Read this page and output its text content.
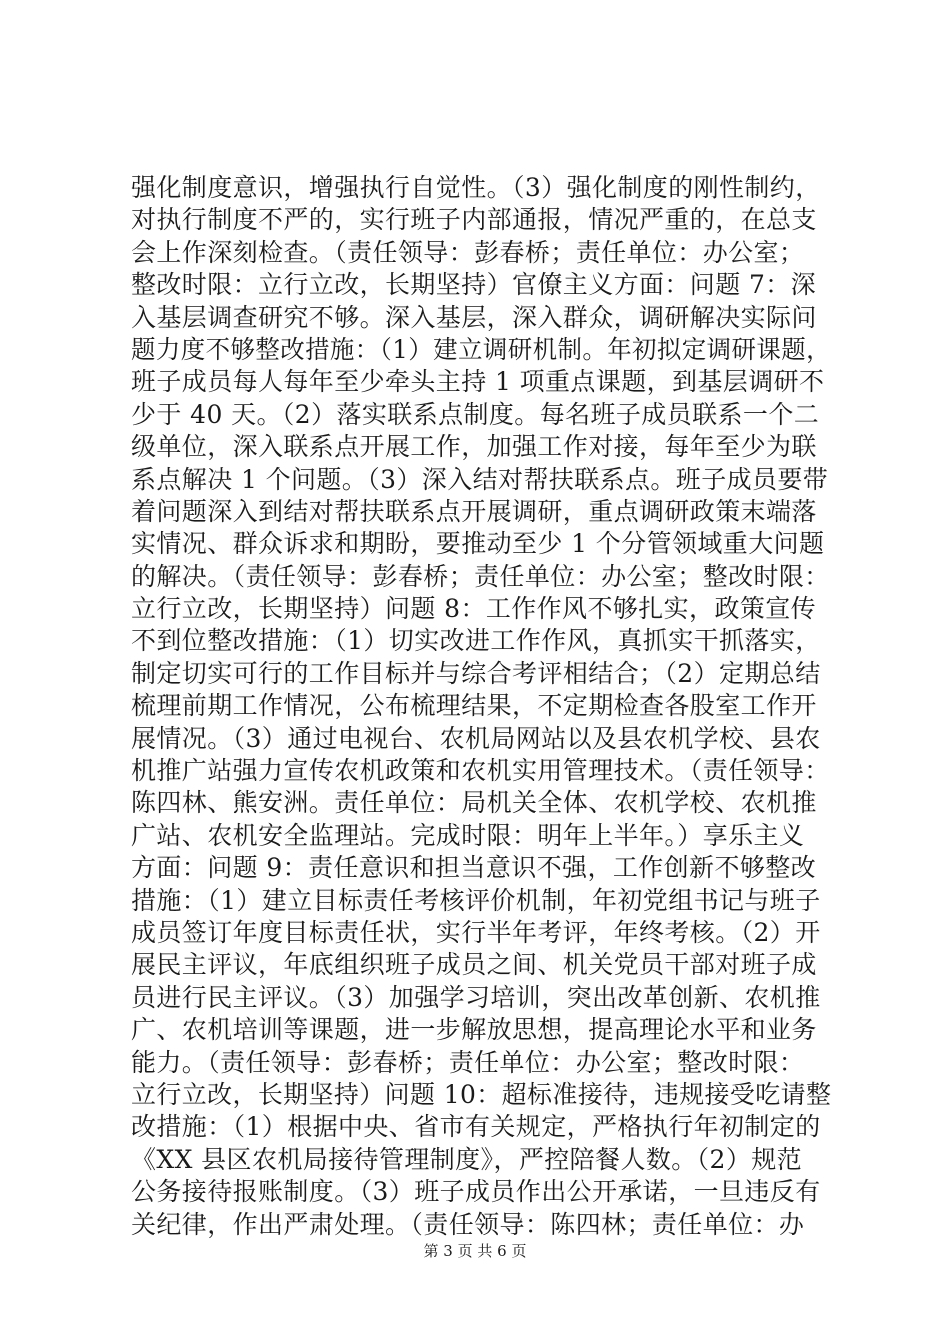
强化制度意识，增强执行自觉性。（3）强化制度的刚性制约，
对执行制度不严的，实行班子内部通报，情况严重的，在总支
会上作深刻检查。（责任领导：彭春桥；责任单位：办公室；
整改时限：立行立改，长期坚持）官僚主义方面：问题 7：深
入基层调查研究不够。深入基层，深入群众，调研解决实际问
题力度不够整改措施：（1）建立调研机制。年初拟定调研课题，
班子成员每人每年至少牵头主持 1 项重点课题，到基层调研不
少于 40 天。（2）落实联系点制度。每名班子成员联系一个二
级单位，深入联系点开展工作，加强工作对接，每年至少为联
系点解决 1 个问题。（3）深入结对帮扶联系点。班子成员要带
着问题深入到结对帮扶联系点开展调研，重点调研政策末端落
实情况、群众诉求和期盼，要推动至少 1 个分管领域重大问题
的解决。（责任领导：彭春桥；责任单位：办公室；整改时限：
立行立改，长期坚持）问题 8：工作作风不够扎实，政策宣传
不到位整改措施：（1）切实改进工作作风，真抓实干抓落实，
制定切实可行的工作目标并与综合考评相结合；（2）定期总结
梳理前期工作情况，公布梳理结果，不定期检查各股室工作开
展情况。（3）通过电视台、农机局网站以及县农机学校、县农
机推广站强力宣传农机政策和农机实用管理技术。（责任领导：
陈四林、熊安洲。责任单位：局机关全体、农机学校、农机推
广站、农机安全监理站。完成时限：明年上半年。）享乐主义
方面：问题 9：责任意识和担当意识不强，工作创新不够整改
措施：（1）建立目标责任考核评价机制，年初党组书记与班子
成员签订年度目标责任状，实行半年考评，年终考核。（2）开
展民主评议，年底组织班子成员之间、机关党员干部对班子成
员进行民主评议。（3）加强学习培训，突出改革创新、农机推
广、农机培训等课题，进一步解放思想，提高理论水平和业务
能力。（责任领导：彭春桥；责任单位：办公室；整改时限：
立行立改，长期坚持）问题 10：超标准接待，违规接受吃请整
改措施：（1）根据中央、省市有关规定，严格执行年初制定的
《XX 县区农机局接待管理制度》，严控陪餐人数。（2）规范
公务接待报账制度。（3）班子成员作出公开承诺，一旦违反有
关纪律，作出严肃处理。（责任领导：陈四林；责任单位：办
第 3 页 共 6 页
